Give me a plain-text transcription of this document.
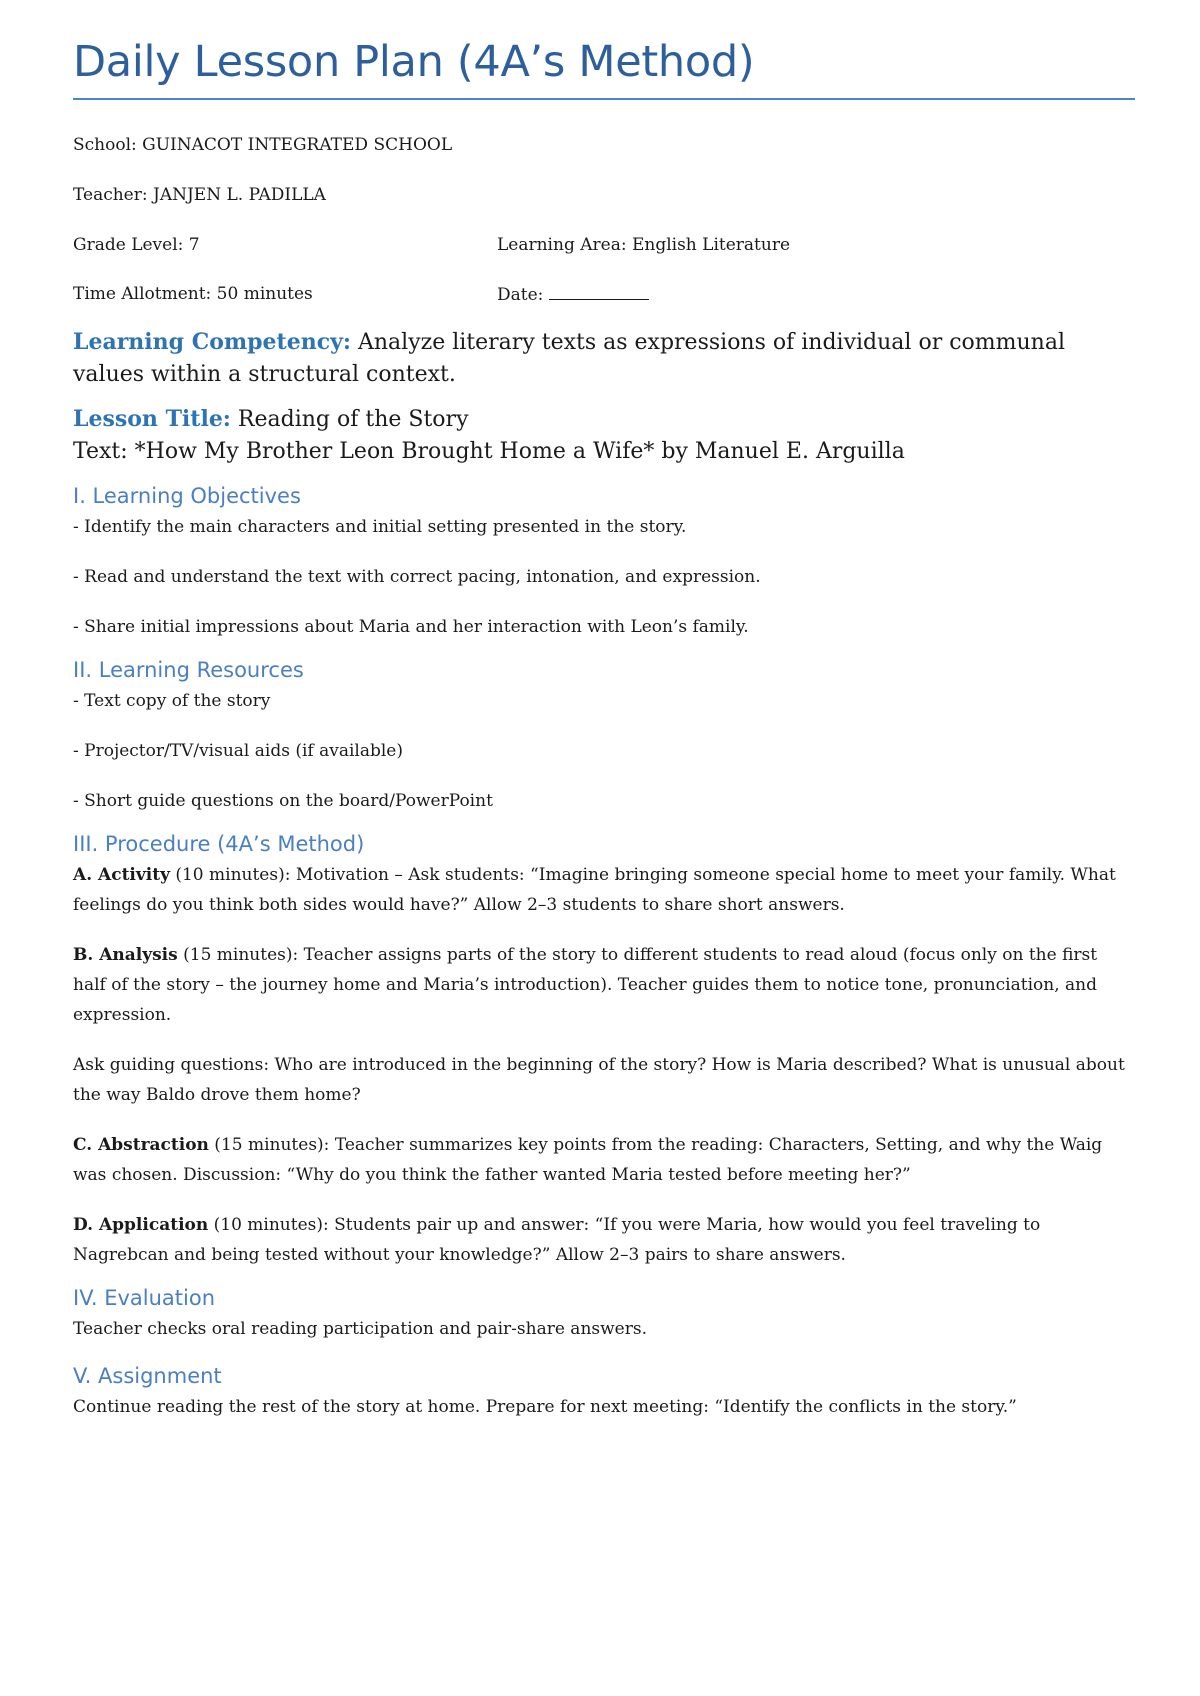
Daily Lesson Plan (4A’s Method)

School: GUINACOT INTEGRATED SCHOOL

Teacher: JANJEN L. PADILLA

Grade Level: 7	Learning Area: English Literature
Time Allotment: 50 minutes	Date:

Learning Competency: Analyze literary texts as expressions of individual or communal values within a structural context.

Lesson Title: Reading of the Story

Text: *How My Brother Leon Brought Home a Wife* by Manuel E. Arguilla

I. Learning Objectives

- Identify the main characters and initial setting presented in the story.

- Read and understand the text with correct pacing, intonation, and expression.

- Share initial impressions about Maria and her interaction with Leon’s family.

II. Learning Resources

- Text copy of the story

- Projector/TV/visual aids (if available)

- Short guide questions on the board/PowerPoint

III. Procedure (4A’s Method)

A. Activity (10 minutes): Motivation – Ask students: “Imagine bringing someone special home to meet your family. What feelings do you think both sides would have?” Allow 2–3 students to share short answers.

B. Analysis (15 minutes): Teacher assigns parts of the story to different students to read aloud (focus only on the first half of the story – the journey home and Maria’s introduction). Teacher guides them to notice tone, pronunciation, and expression.

Ask guiding questions: Who are introduced in the beginning of the story? How is Maria described? What is unusual about the way Baldo drove them home?

C. Abstraction (15 minutes): Teacher summarizes key points from the reading: Characters, Setting, and why the Waig was chosen. Discussion: “Why do you think the father wanted Maria tested before meeting her?”

D. Application (10 minutes): Students pair up and answer: “If you were Maria, how would you feel traveling to Nagrebcan and being tested without your knowledge?” Allow 2–3 pairs to share answers.

IV. Evaluation

Teacher checks oral reading participation and pair-share answers.

V. Assignment

Continue reading the rest of the story at home. Prepare for next meeting: “Identify the conflicts in the story.”
